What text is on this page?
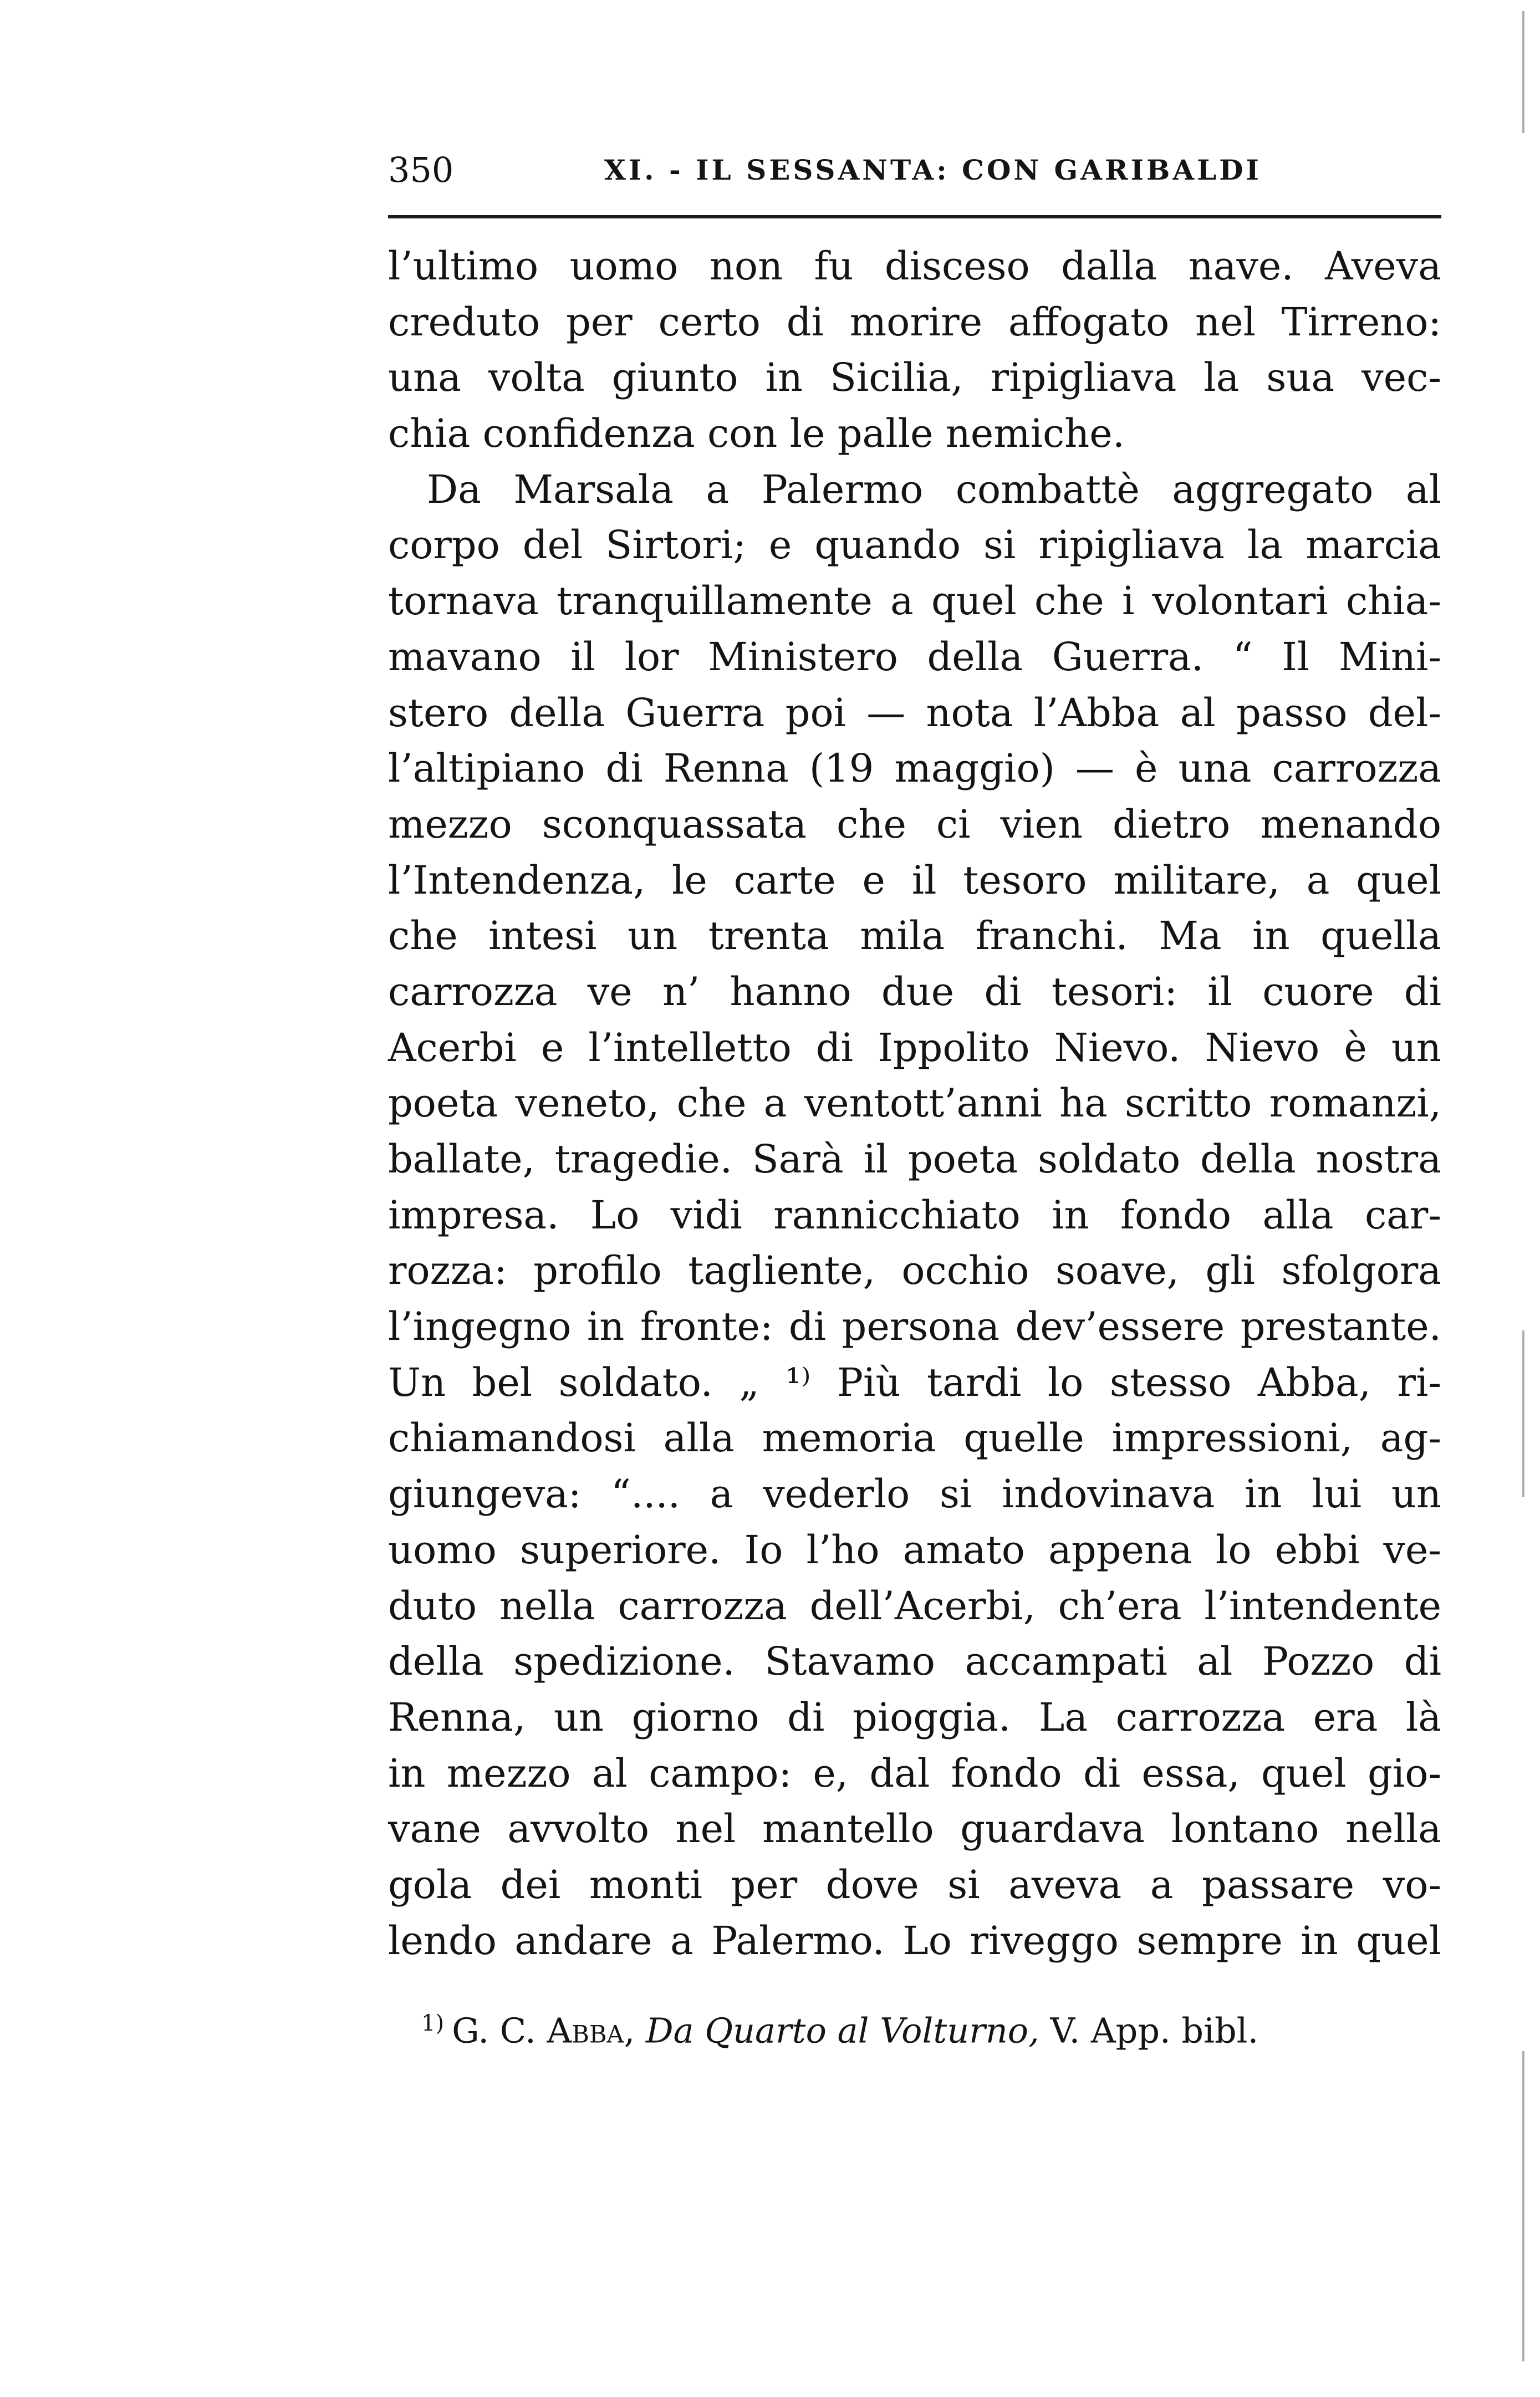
350	XI. - IL SESSANTA: CON GARIBALDI
l’ultimo uomo non fu disceso dalla nave. Aveva
creduto per certo di morire affogato nel Tirreno:
una volta giunto in Sicilia, ripigliava la sua vec-
chia confidenza con le palle nemiche.
Da Marsala a Palermo combattè aggregato al
corpo del Sirtori; e quando si ripigliava la marcia
tornava tranquillamente a quel che i volontari chia-
mavano il lor Ministero della Guerra. “ Il Mini-
stero della Guerra poi — nota l’Abba al passo del-
l’altipiano di Renna (19 maggio) — è una carrozza
mezzo sconquassata che ci vien dietro menando
l’Intendenza, le carte e il tesoro militare, a quel
che intesi un trenta mila franchi. Ma in quella
carrozza ve n’ hanno due di tesori: il cuore di
Acerbi e l’intelletto di Ippolito Nievo. Nievo è un
poeta veneto, che a ventott’anni ha scritto romanzi,
ballate, tragedie. Sarà il poeta soldato della nostra
impresa. Lo vidi rannicchiato in fondo alla car-
rozza: profilo tagliente, occhio soave, gli sfolgora
l’ingegno in fronte: di persona dev’essere prestante.
Un bel soldato. „ ¹⁾ Più tardi lo stesso Abba, ri-
chiamandosi alla memoria quelle impressioni, ag-
giungeva: “.... a vederlo si indovinava in lui un
uomo superiore. Io l’ho amato appena lo ebbi ve-
duto nella carrozza dell’Acerbi, ch’era l’intendente
della spedizione. Stavamo accampati al Pozzo di
Renna, un giorno di pioggia. La carrozza era là
in mezzo al campo: e, dal fondo di essa, quel gio-
vane avvolto nel mantello guardava lontano nella
gola dei monti per dove si aveva a passare vo-
lendo andare a Palermo. Lo riveggo sempre in quel
$^{1)}$ G. C. Abba, Da Quarto al Volturno, V. App. bibl.
